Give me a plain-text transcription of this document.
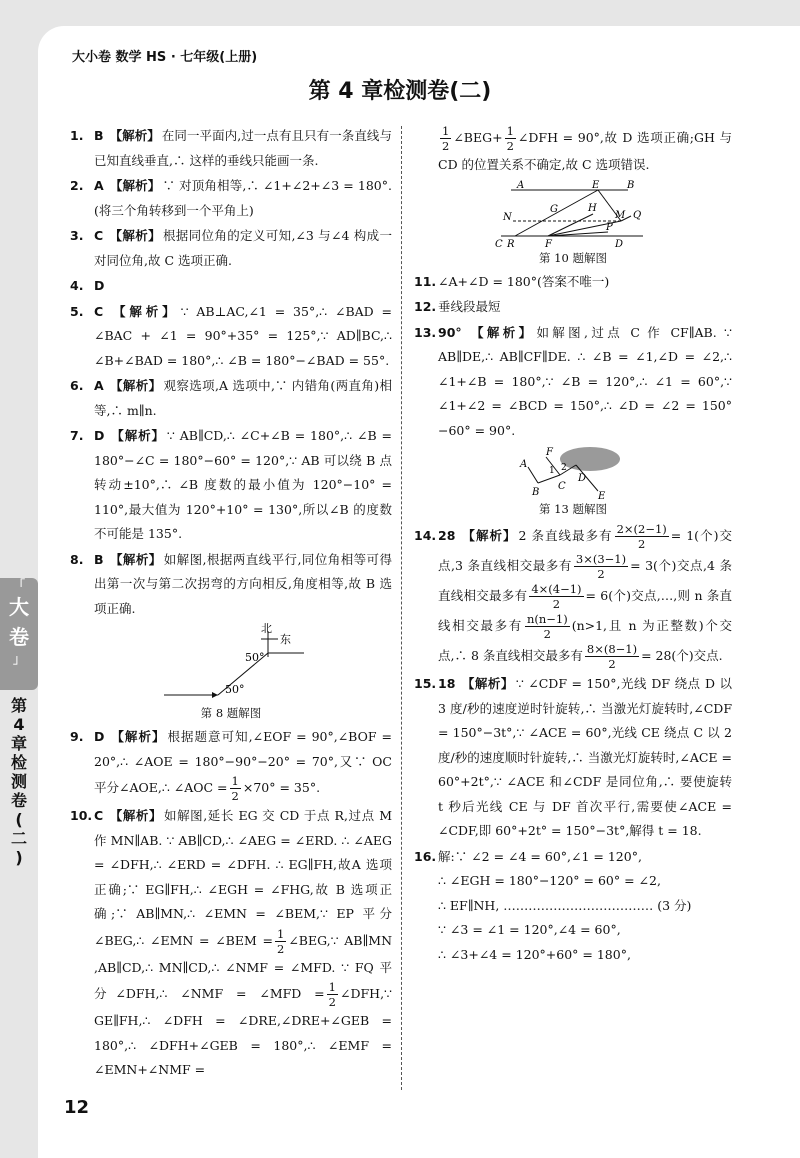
大小卷 数学 HS · 七年级(上册)
第 4 章检测卷(二)
「
大
卷
」
第
4
章
检
测
卷
(
二
)
1. B 【解析】 在同一平面内,过一点有且只有一条直线与已知直线垂直,∴ 这样的垂线只能画一条.
2. A 【解析】 ∵ 对顶角相等,∴ ∠1+∠2+∠3 = 180°.(将三个角转移到一个平角上)
3. C 【解析】 根据同位角的定义可知,∠3 与∠4 构成一对同位角,故 C 选项正确.
4. D
5. C 【解析】 ∵ AB⊥AC,∠1 = 35°,∴ ∠BAD = ∠BAC + ∠1 = 90°+35° = 125°,∵ AD∥BC,∴ ∠B+∠BAD = 180°,∴ ∠B = 180°−∠BAD = 55°.
6. A 【解析】 观察选项,A 选项中,∵ 内错角(两直角)相等,∴ m∥n.
7. D 【解析】 ∵ AB∥CD,∴ ∠C+∠B = 180°,∴ ∠B = 180°−∠C = 180°−60° = 120°,∵ AB 可以绕 B 点转动±10°,∴ ∠B 度数的最小值为 120°−10° = 110°,最大值为 120°+10° = 130°,所以∠B 的度数不可能是 135°.
8. B 【解析】 如解图,根据两直线平行,同位角相等可得出第一次与第二次拐弯的方向相反,角度相等,故 B 选项正确.
北
东
50°
50°
第 8 题解图
9. D 【解析】 根据题意可知,∠EOF = 90°,∠BOF = 20°,∴ ∠AOE = 180°−90°−20° = 70°,又∵ OC 平分∠AOE,∴ ∠AOC = $\frac{1}{2} \times 70^\circ = 35^\circ$.
10. C 【解析】 如解图,延长 EG 交 CD 于点 R,过点 M 作 MN∥AB. ∵ AB∥CD,∴ ∠AEG = ∠ERD. ∴ ∠AEG = ∠DFH,∴ ∠ERD = ∠DFH. ∴ EG∥FH,故A 选项正确;∵ EG∥FH,∴ ∠EGH = ∠FHG,故 B 选项正确;∵ AB∥MN,∴ ∠EMN = ∠BEM,∵ EP 平分∠BEG,∴ ∠EMN = ∠BEM = $\frac{1}{2}$ ∠BEG,∵ AB∥MN ,AB∥CD,∴ MN∥CD,∴ ∠NMF = ∠MFD. ∵ FQ 平分∠DFH,∴ ∠NMF = ∠MFD = $\frac{1}{2}$ ∠DFH,∵ GE∥FH,∴ ∠DFH = ∠DRE,∠DRE+∠GEB = 180°,∴ ∠DFH+∠GEB = 180°,∴ ∠EMF = ∠EMN+∠NMF =
$\frac{1}{2}$ ∠BEG+ $\frac{1}{2}$ ∠DFH = 90°,故 D 选项正确;GH 与 CD 的位置关系不确定,故 C 选项错误.
A	E	B
G	H
M Q
N
P
C R	F	D
第 10 题解图
11. ∠A+∠D = 180°(答案不唯一)
12. 垂线段最短
13. 90° 【解析】 如解图,过点 C 作 CF∥AB. ∵ AB∥DE,∴ AB∥CF∥DE. ∴ ∠B = ∠1,∠D = ∠2,∴ ∠1+∠B = 180°,∵ ∠B = 120°,∴ ∠1 = 60°,∵ ∠1+∠2 = ∠BCD = 150°,∴ ∠D = ∠2 = 150°−60° = 90°.
A
F
1 2
B
C
D
E
第 13 题解图
14. 28 【解析】 2 条直线最多有 $\frac{2\times(2-1)}{2} = 1$(个)交点,3 条直线相交最多有 $\frac{3\times(3-1)}{2} = 3$(个)交点,4 条直线相交最多有 $\frac{4\times(4-1)}{2} = 6$(个)交点,…,则 n 条直线相交最多有 $\frac{n(n-1)}{2} (n>1$,且 n 为正整数)个交点,∴ 8 条直线相交最多有 $\frac{8\times(8-1)}{2} = 28$(个)交点.
15. 18 【解析】 ∵ ∠CDF = 150°,光线 DF 绕点 D 以 3 度/秒的速度逆时针旋转,∴ 当激光灯旋转时,∠CDF = 150°−3t°,∵ ∠ACE = 60°,光线 CE 绕点 C 以 2 度/秒的速度顺时针旋转,∴ 当激光灯旋转时,∠ACE = 60°+2t°,∵ ∠ACE 和∠CDF 是同位角,∴ 要使旋转 t 秒后光线 CE 与 DF 首次平行,需要使∠ACE = ∠CDF,即 60°+2t° = 150°−3t°,解得 t = 18.
16. 解:∵ ∠2 = ∠4 = 60°,∠1 = 120°,
∴ ∠EGH = 180°−120° = 60° = ∠2,
∴ EF∥NH, ……………………………… (3 分)
∵ ∠3 = ∠1 = 120°,∠4 = 60°,
∴ ∠3+∠4 = 120°+60° = 180°,
12
